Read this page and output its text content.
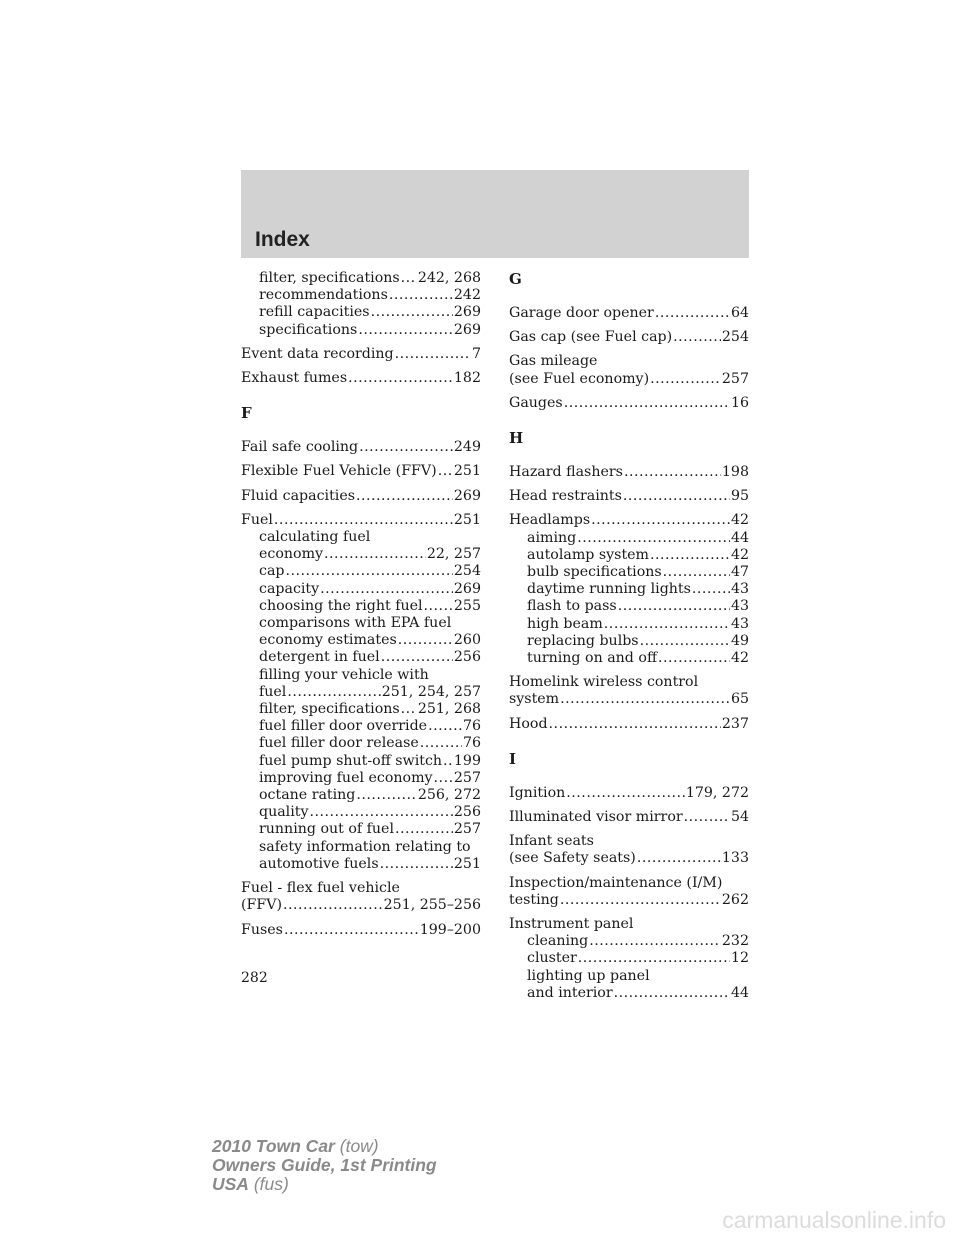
Index
filter, specifications ..... 242, 268
recommendations .....	242
refill capacities .....	269
specifications .....	269
Event data recording .....	7
Exhaust fumes .....	182
F
Fail safe cooling .....	249
Flexible Fuel Vehicle (FFV) ..... 251
Fluid capacities .....	269
Fuel .....	251
calculating fuel
economy .....	22, 257
cap .....	254
capacity .....	269
choosing the right fuel ..... 255
comparisons with EPA fuel
economy estimates .....	260
detergent in fuel .....	256
filling your vehicle with
fuel .....	251, 254, 257
filter, specifications ..... 251, 268
fuel filler door override .....	76
fuel filler door release .....	76
fuel pump shut-off switch ..... 199
improving fuel economy ..... 257
octane rating .....	256, 272
quality .....	256
running out of fuel .....	257
safety information relating to
automotive fuels .....	251
Fuel - flex fuel vehicle
(FFV) .....	251, 255–256
Fuses .....	199–200
G
Garage door opener .....	64
Gas cap (see Fuel cap) .....	254
Gas mileage
(see Fuel economy) .....	257
Gauges .....	16
H
Hazard flashers .....	198
Head restraints .....	95
Headlamps .....	42
aiming .....	44
autolamp system .....	42
bulb specifications .....	47
daytime running lights .....	43
flash to pass .....	43
high beam .....	43
replacing bulbs .....	49
turning on and off .....	42
Homelink wireless control
system .....	65
Hood .....	237
I
Ignition .....	179, 272
Illuminated visor mirror .....	54
Infant seats
(see Safety seats) .....	133
Inspection/maintenance (I/M)
testing .....	262
Instrument panel
cleaning .....	232
cluster .....	12
lighting up panel
and interior .....	44
282
2010 Town Car (tow)
Owners Guide, 1st Printing
USA (fus)
carmanualsonline.info
